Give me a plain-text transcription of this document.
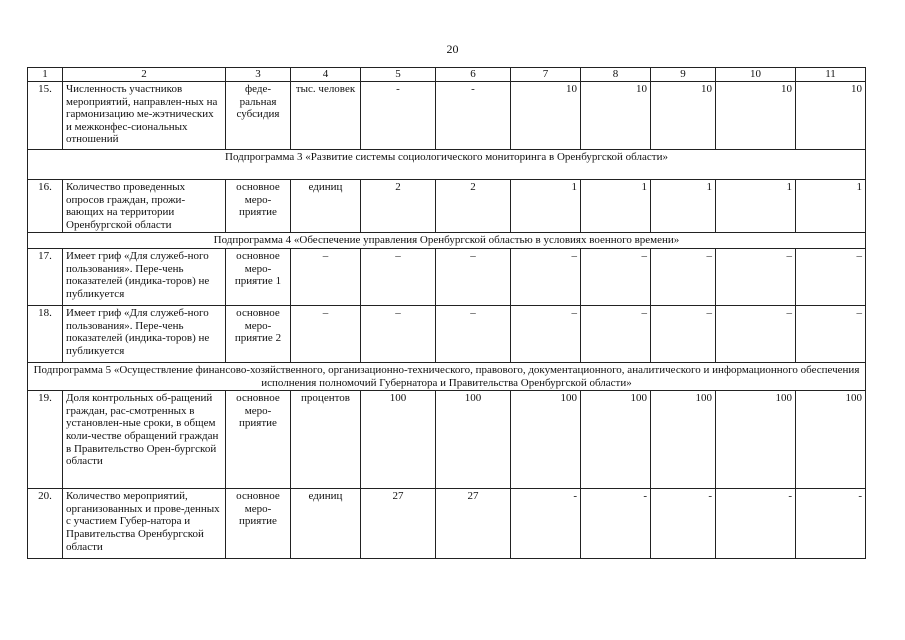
20
1	2	3	4	5	6	7	8	9	10	11
15.	Численность участников мероприятий, направлен-ных на гармонизацию ме-жэтнических и межконфес-сиональных отношений	феде-ральная субсидия	тыс. человек	-	-	10	10	10	10	10
Подпрограмма 3 «Развитие системы социологического мониторинга в Оренбургской области»										
16.	Количество проведенных опросов граждан, прожи-вающих на территории Оренбургской области	основное меро-приятие	единиц	2	2	1	1	1	1	1
Подпрограмма 4 «Обеспечение управления Оренбургской областью в условиях военного времени»										
17.	Имеет гриф «Для служеб-ного пользования». Пере-чень показателей (индика-торов) не публикуется	основное меро-приятие 1	–	–	–	–	–	–	–	–
18.	Имеет гриф «Для служеб-ного пользования». Пере-чень показателей (индика-торов) не публикуется	основное меро-приятие 2	–	–	–	–	–	–	–	–
Подпрограмма 5 «Осуществление финансово-хозяйственного, организационно-технического, правового, документационного, аналитического и информационного обеспечения исполнения полномочий Губернатора и Правительства Оренбургской области»										
19.	Доля контрольных об-ращений граждан, рас-смотренных в установлен-ные сроки, в общем коли-честве обращений граждан в Правительство Орен-бургской области	основное меро-приятие	процентов	100	100	100	100	100	100	100
20.	Количество мероприятий, организованных и прове-денных с участием Губер-натора и Правительства Оренбургской области	основное меро-приятие	единиц	27	27	-	-	-	-	-
